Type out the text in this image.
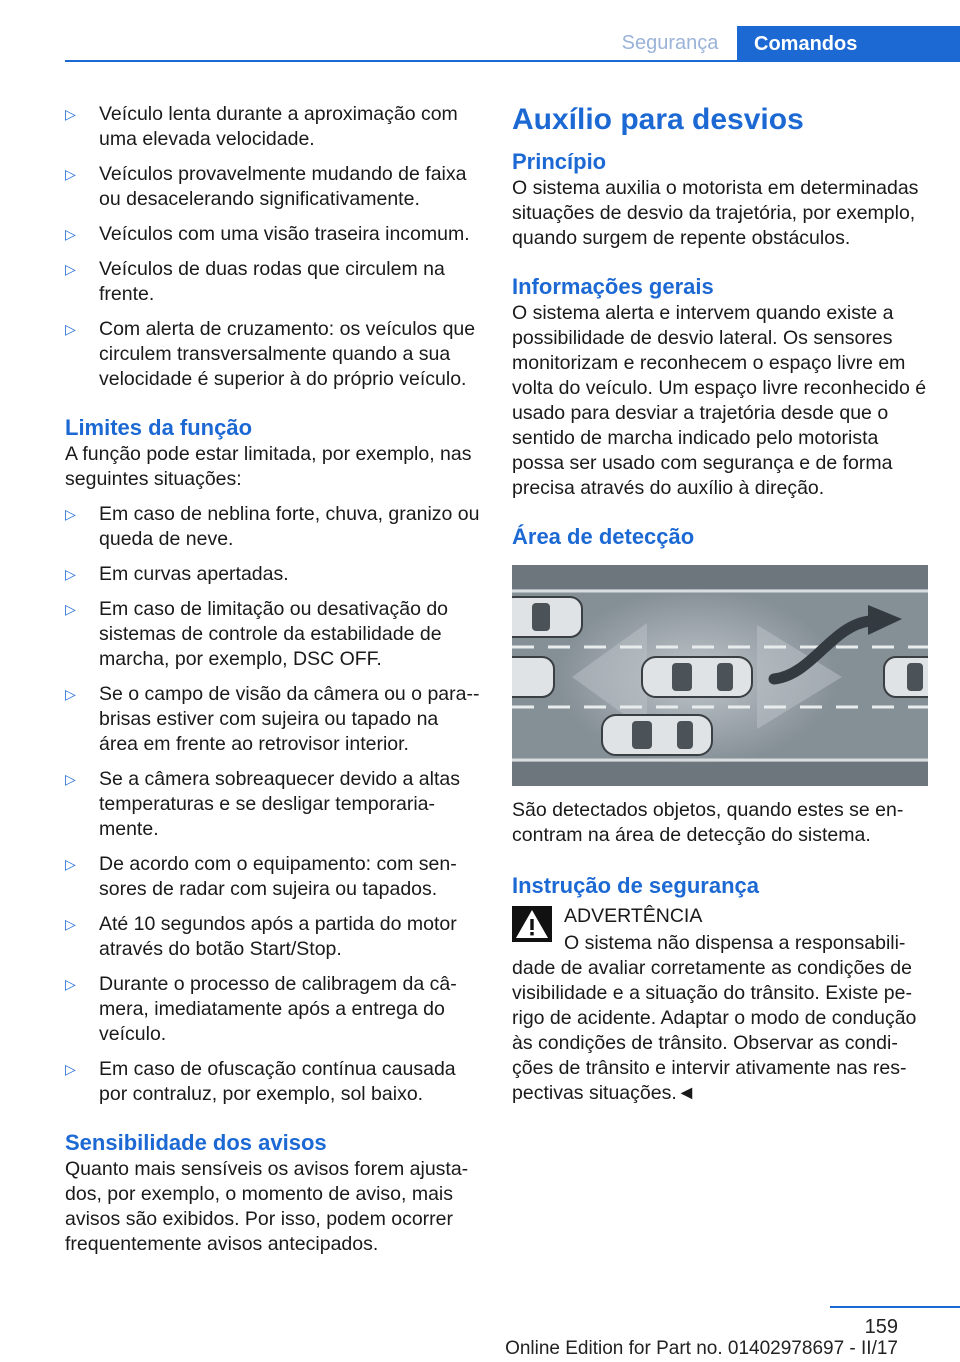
Segurança	Comandos
▷ Veículo lenta durante a aproximação com uma elevada velocidade.
▷ Veículos provavelmente mudando de faixa ou desacelerando significativamente.
▷ Veículos com uma visão traseira incomum.
▷ Veículos de duas rodas que circulem na frente.
▷ Com alerta de cruzamento: os veículos que circulem transversalmente quando a sua velocidade é superior à do próprio veículo.
Limites da função

A função pode estar limitada, por exemplo, nas seguintes situações:

▷ Em caso de neblina forte, chuva, granizo ou queda de neve.
▷ Em curvas apertadas.
▷ Em caso de limitação ou desativação do sistemas de controle da estabilidade de marcha, por exemplo, DSC OFF.
▷ Se o campo de visão da câmera ou o para--brisas estiver com sujeira ou tapado na área em frente ao retrovisor interior.
▷ Se a câmera sobreaquecer devido a altas temperaturas e se desligar temporaria-mente.
▷ De acordo com o equipamento: com sen-sores de radar com sujeira ou tapados.
▷ Até 10 segundos após a partida do motor através do botão Start/Stop.
▷ Durante o processo de calibragem da câ-mera, imediatamente após a entrega do veículo.
▷ Em caso de ofuscação contínua causada por contraluz, por exemplo, sol baixo.
Sensibilidade dos avisos

Quanto mais sensíveis os avisos forem ajusta-dos, por exemplo, o momento de aviso, mais avisos são exibidos. Por isso, podem ocorrer frequentemente avisos antecipados.

Auxílio para desvios
Princípio

O sistema auxilia o motorista em determinadas situações de desvio da trajetória, por exemplo, quando surgem de repente obstáculos.

Informações gerais

O sistema alerta e intervem quando existe a possibilidade de desvio lateral. Os sensores monitorizam e reconhecem o espaço livre em volta do veículo. Um espaço livre reconhecido é usado para desviar a trajetória desde que o sentido de marcha indicado pelo motorista possa ser usado com segurança e de forma precisa através do auxílio à direção.

Área de detecção

São detectados objetos, quando estes se en-contram na área de detecção do sistema.

Instrução de segurança

ADVERTÊNCIA

O sistema não dispensa a responsabili-dade de avaliar corretamente as condições de visibilidade e a situação do trânsito. Existe pe-rigo de acidente. Adaptar o modo de condução às condições de trânsito. Observar as condi-ções de trânsito e intervir ativamente nas res-pectivas situações.◄

159
Online Edition for Part no. 01402978697 - II/17
